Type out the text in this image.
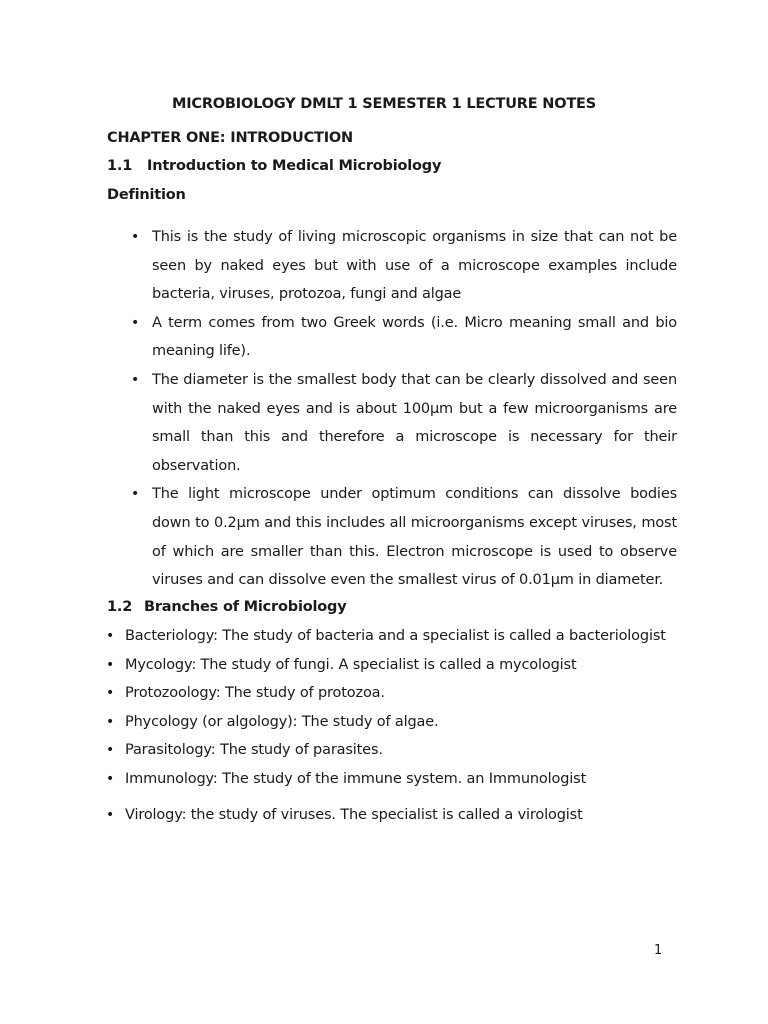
MICROBIOLOGY DMLT 1 SEMESTER 1 LECTURE NOTES
CHAPTER ONE: INTRODUCTION
1.1 Introduction to Medical Microbiology
Definition
• This is the study of living microscopic organisms in size that can not be seen by naked eyes but with use of a microscope examples include bacteria, viruses, protozoa, fungi and algae
• A term comes from two Greek words (i.e. Micro meaning small and bio meaning life).
• The diameter is the smallest body that can be clearly dissolved and seen with the naked eyes and is about 100μm but a few microorganisms are small than this and therefore a microscope is necessary for their observation.
• The light microscope under optimum conditions can dissolve bodies down to 0.2μm and this includes all microorganisms except viruses, most of which are smaller than this. Electron microscope is used to observe viruses and can dissolve even the smallest virus of 0.01μm in diameter.
1.2 Branches of Microbiology
• Bacteriology: The study of bacteria and a specialist is called a bacteriologist
• Mycology: The study of fungi. A specialist is called a mycologist
• Protozoology: The study of protozoa.
• Phycology (or algology): The study of algae.
• Parasitology: The study of parasites.
• Immunology: The study of the immune system. an Immunologist
• Virology: the study of viruses. The specialist is called a virologist
1
